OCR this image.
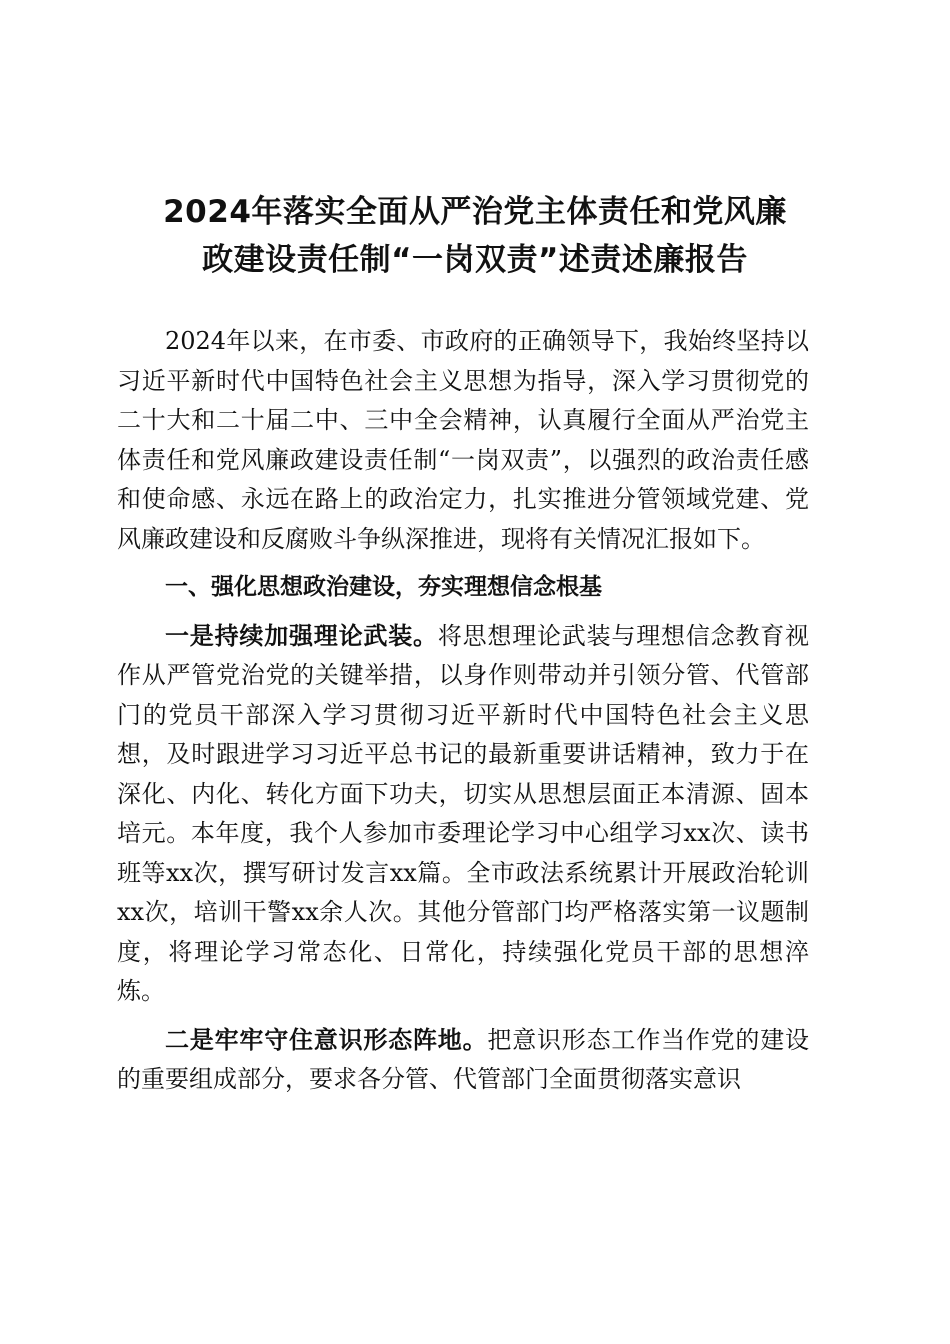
2024年落实全面从严治党主体责任和党风廉
政建设责任制“一岗双责”述责述廉报告

2024年以来，在市委、市政府的正确领导下，我始终坚持以习近平新时代中国特色社会主义思想为指导，深入学习贯彻党的二十大和二十届二中、三中全会精神，认真履行全面从严治党主体责任和党风廉政建设责任制“一岗双责”，以强烈的政治责任感和使命感、永远在路上的政治定力，扎实推进分管领域党建、党风廉政建设和反腐败斗争纵深推进，现将有关情况汇报如下。

一、强化思想政治建设，夯实理想信念根基

一是持续加强理论武装。将思想理论武装与理想信念教育视作从严管党治党的关键举措，以身作则带动并引领分管、代管部门的党员干部深入学习贯彻习近平新时代中国特色社会主义思想，及时跟进学习习近平总书记的最新重要讲话精神，致力于在深化、内化、转化方面下功夫，切实从思想层面正本清源、固本培元。本年度，我个人参加市委理论学习中心组学习xx次、读书班等xx次，撰写研讨发言xx篇。全市政法系统累计开展政治轮训xx次，培训干警xx余人次。其他分管部门均严格落实第一议题制度，将理论学习常态化、日常化，持续强化党员干部的思想淬炼。

二是牢牢守住意识形态阵地。把意识形态工作当作党的建设的重要组成部分，要求各分管、代管部门全面贯彻落实意识
